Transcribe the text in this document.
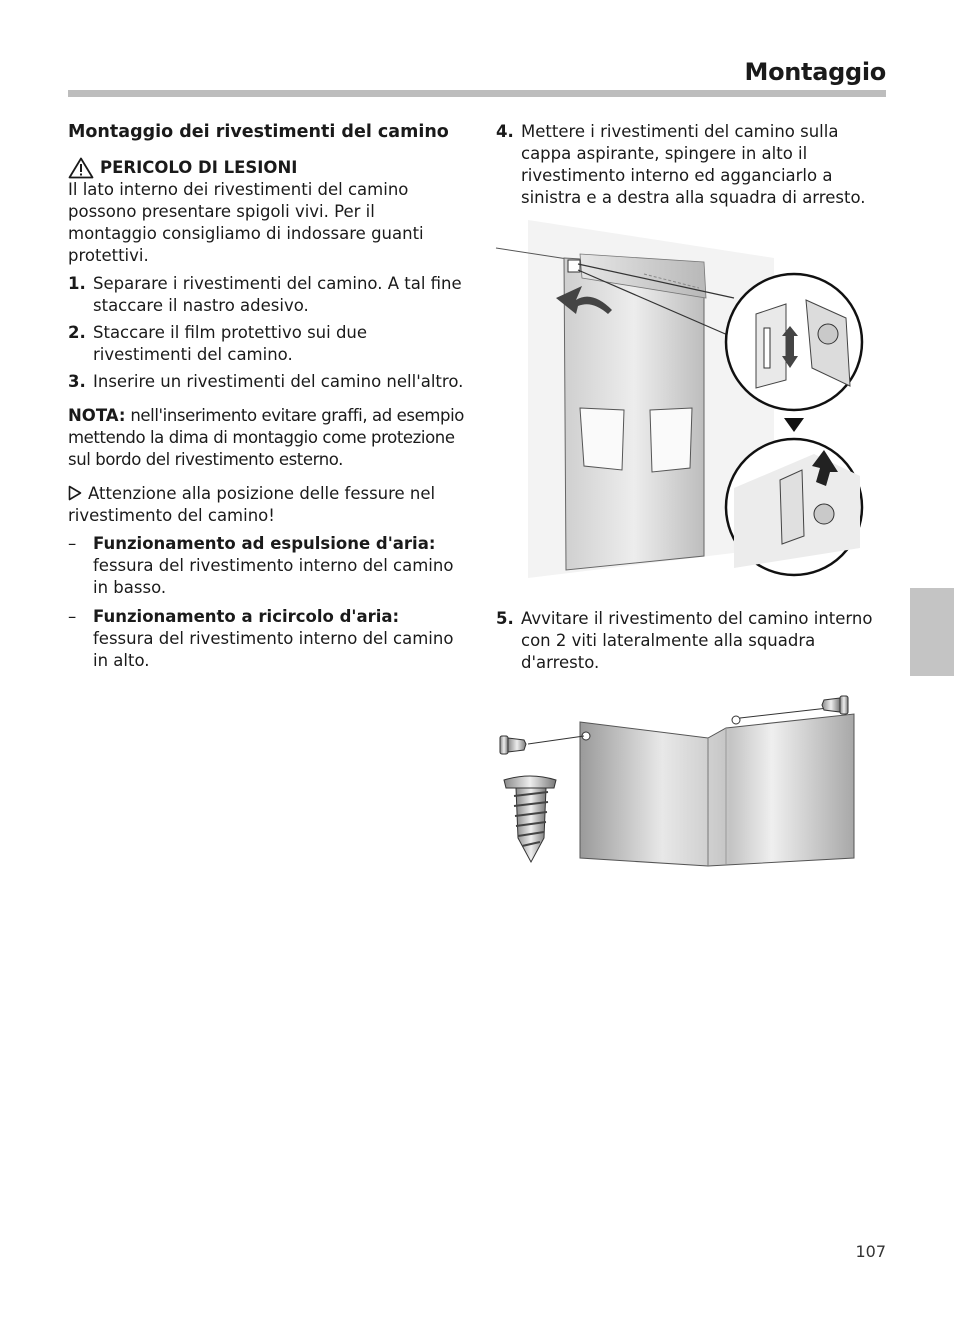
Montaggio
Montaggio dei rivestimenti del camino
PERICOLO DI LESIONI

Il lato interno dei rivestimenti del camino possono presentare spigoli vivi. Per il montaggio consigliamo di indossare guanti protettivi.

1. Separare i rivestimenti del camino. A tal fine staccare il nastro adesivo.
2. Staccare il film protettivo sui due rivestimenti del camino.
3. Inserire un rivestimenti del camino nell'altro.

NOTA: nell'inserimento evitare graffi, ad esempio mettendo la dima di montaggio come protezione sul bordo del rivestimento esterno.

Attenzione alla posizione delle fessure nel rivestimento del camino!

–	Funzionamento ad espulsione d'aria: fessura del rivestimento interno del camino in basso.
–	Funzionamento a ricircolo d'aria: fessura del rivestimento interno del camino in alto.
4. Mettere i rivestimenti del camino sulla cappa aspirante, spingere in alto il rivestimento interno ed agganciarlo a sinistra e a destra alla squadra di arresto.
5. Avvitare il rivestimento del camino interno con 2 viti lateralmente alla squadra d'arresto.
107
